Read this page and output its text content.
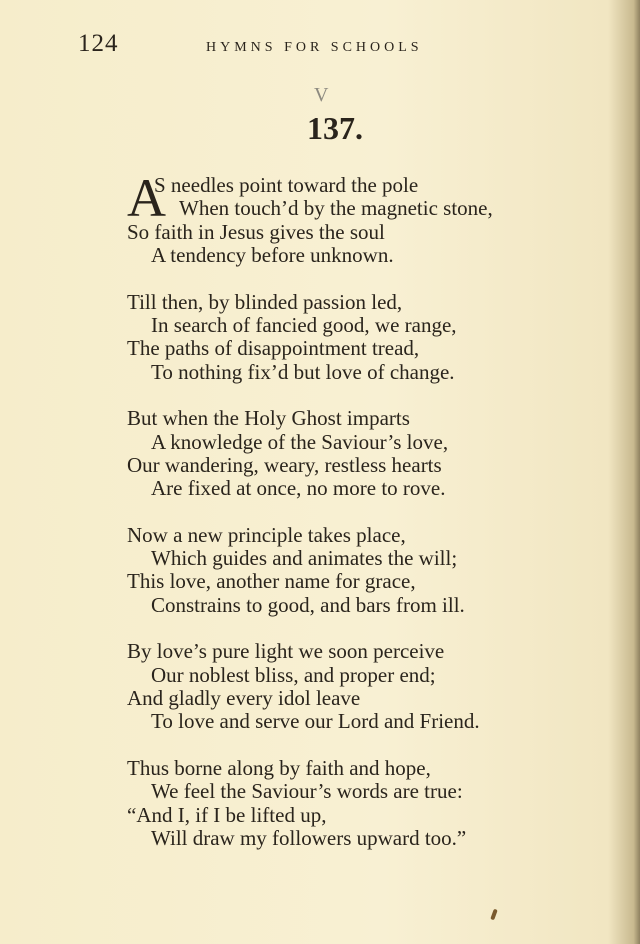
124	HYMNS FOR SCHOOLS
V
137.
A
S needles point toward the pole
When touch’d by the magnetic stone,
So faith in Jesus gives the soul
A tendency before unknown.
Till then, by blinded passion led,
In search of fancied good, we range,
The paths of disappointment tread,
To nothing fix’d but love of change.
But when the Holy Ghost imparts
A knowledge of the Saviour’s love,
Our wandering, weary, restless hearts
Are fixed at once, no more to rove.
Now a new principle takes place,
Which guides and animates the will;
This love, another name for grace,
Constrains to good, and bars from ill.
By love’s pure light we soon perceive
Our noblest bliss, and proper end;
And gladly every idol leave
To love and serve our Lord and Friend.
Thus borne along by faith and hope,
We feel the Saviour’s words are true:
“And I, if I be lifted up,
Will draw my followers upward too.”
